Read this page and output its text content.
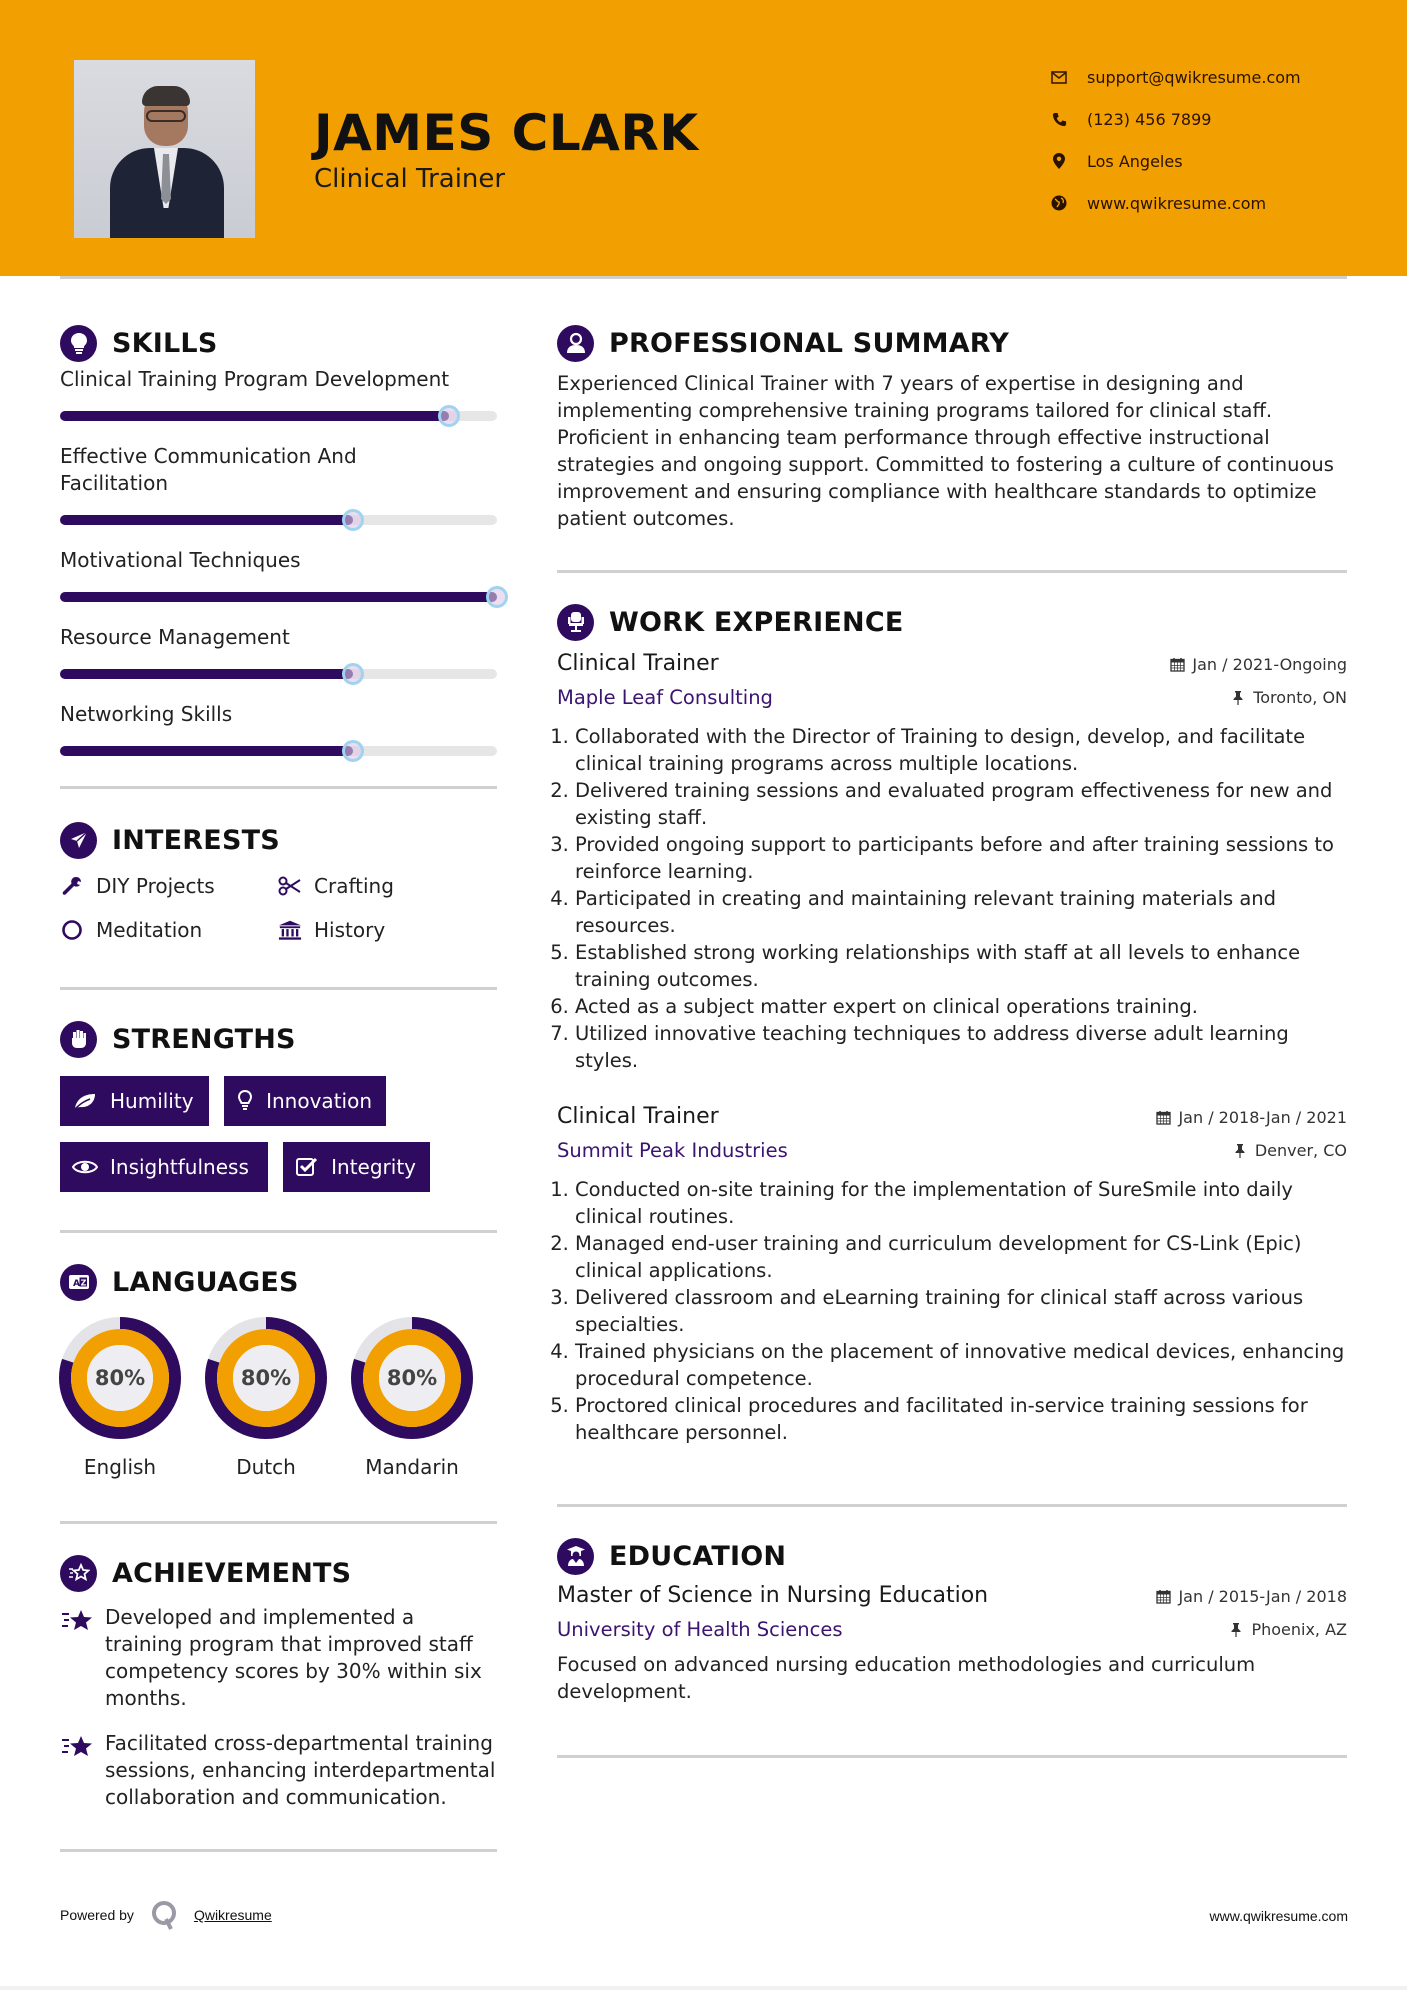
JAMES CLARK
Clinical Trainer
support@qwikresume.com
(123) 456 7899
Los Angeles
www.qwikresume.com
SKILLS
Clinical Training Program Development
Effective Communication And Facilitation
Motivational Techniques
Resource Management
Networking Skills
INTERESTS
DIY Projects	Crafting
Meditation	History
STRENGTHS
Humility	Innovation
Insightfulness	Integrity
A Z LANGUAGES
80%
English
80%
Dutch
80%
Mandarin
ACHIEVEMENTS

Developed and implemented a training program that improved staff competency scores by 30% within six months.

Facilitated cross-departmental training sessions, enhancing interdepartmental collaboration and communication.

PROFESSIONAL SUMMARY

Experienced Clinical Trainer with 7 years of expertise in designing and implementing comprehensive training programs tailored for clinical staff. Proficient in enhancing team performance through effective instructional strategies and ongoing support. Committed to fostering a culture of continuous improvement and ensuring compliance with healthcare standards to optimize patient outcomes.

WORK EXPERIENCE
Clinical Trainer	Jan / 2021-Ongoing
Maple Leaf Consulting	Toronto, ON
1. Collaborated with the Director of Training to design, develop, and facilitate clinical training programs across multiple locations.
2. Delivered training sessions and evaluated program effectiveness for new and existing staff.
3. Provided ongoing support to participants before and after training sessions to reinforce learning.
4. Participated in creating and maintaining relevant training materials and resources.
5. Established strong working relationships with staff at all levels to enhance training outcomes.
6. Acted as a subject matter expert on clinical operations training.
7. Utilized innovative teaching techniques to address diverse adult learning styles.
Clinical Trainer	Jan / 2018-Jan / 2021
Summit Peak Industries	Denver, CO
1. Conducted on-site training for the implementation of SureSmile into daily clinical routines.
2. Managed end-user training and curriculum development for CS-Link (Epic) clinical applications.
3. Delivered classroom and eLearning training for clinical staff across various specialties.
4. Trained physicians on the placement of innovative medical devices, enhancing procedural competence.
5. Proctored clinical procedures and facilitated in-service training sessions for healthcare personnel.
EDUCATION
Master of Science in Nursing Education	Jan / 2015-Jan / 2018
University of Health Sciences	Phoenix, AZ

Focused on advanced nursing education methodologies and curriculum development.

Powered by	Qwikresume	www.qwikresume.com
